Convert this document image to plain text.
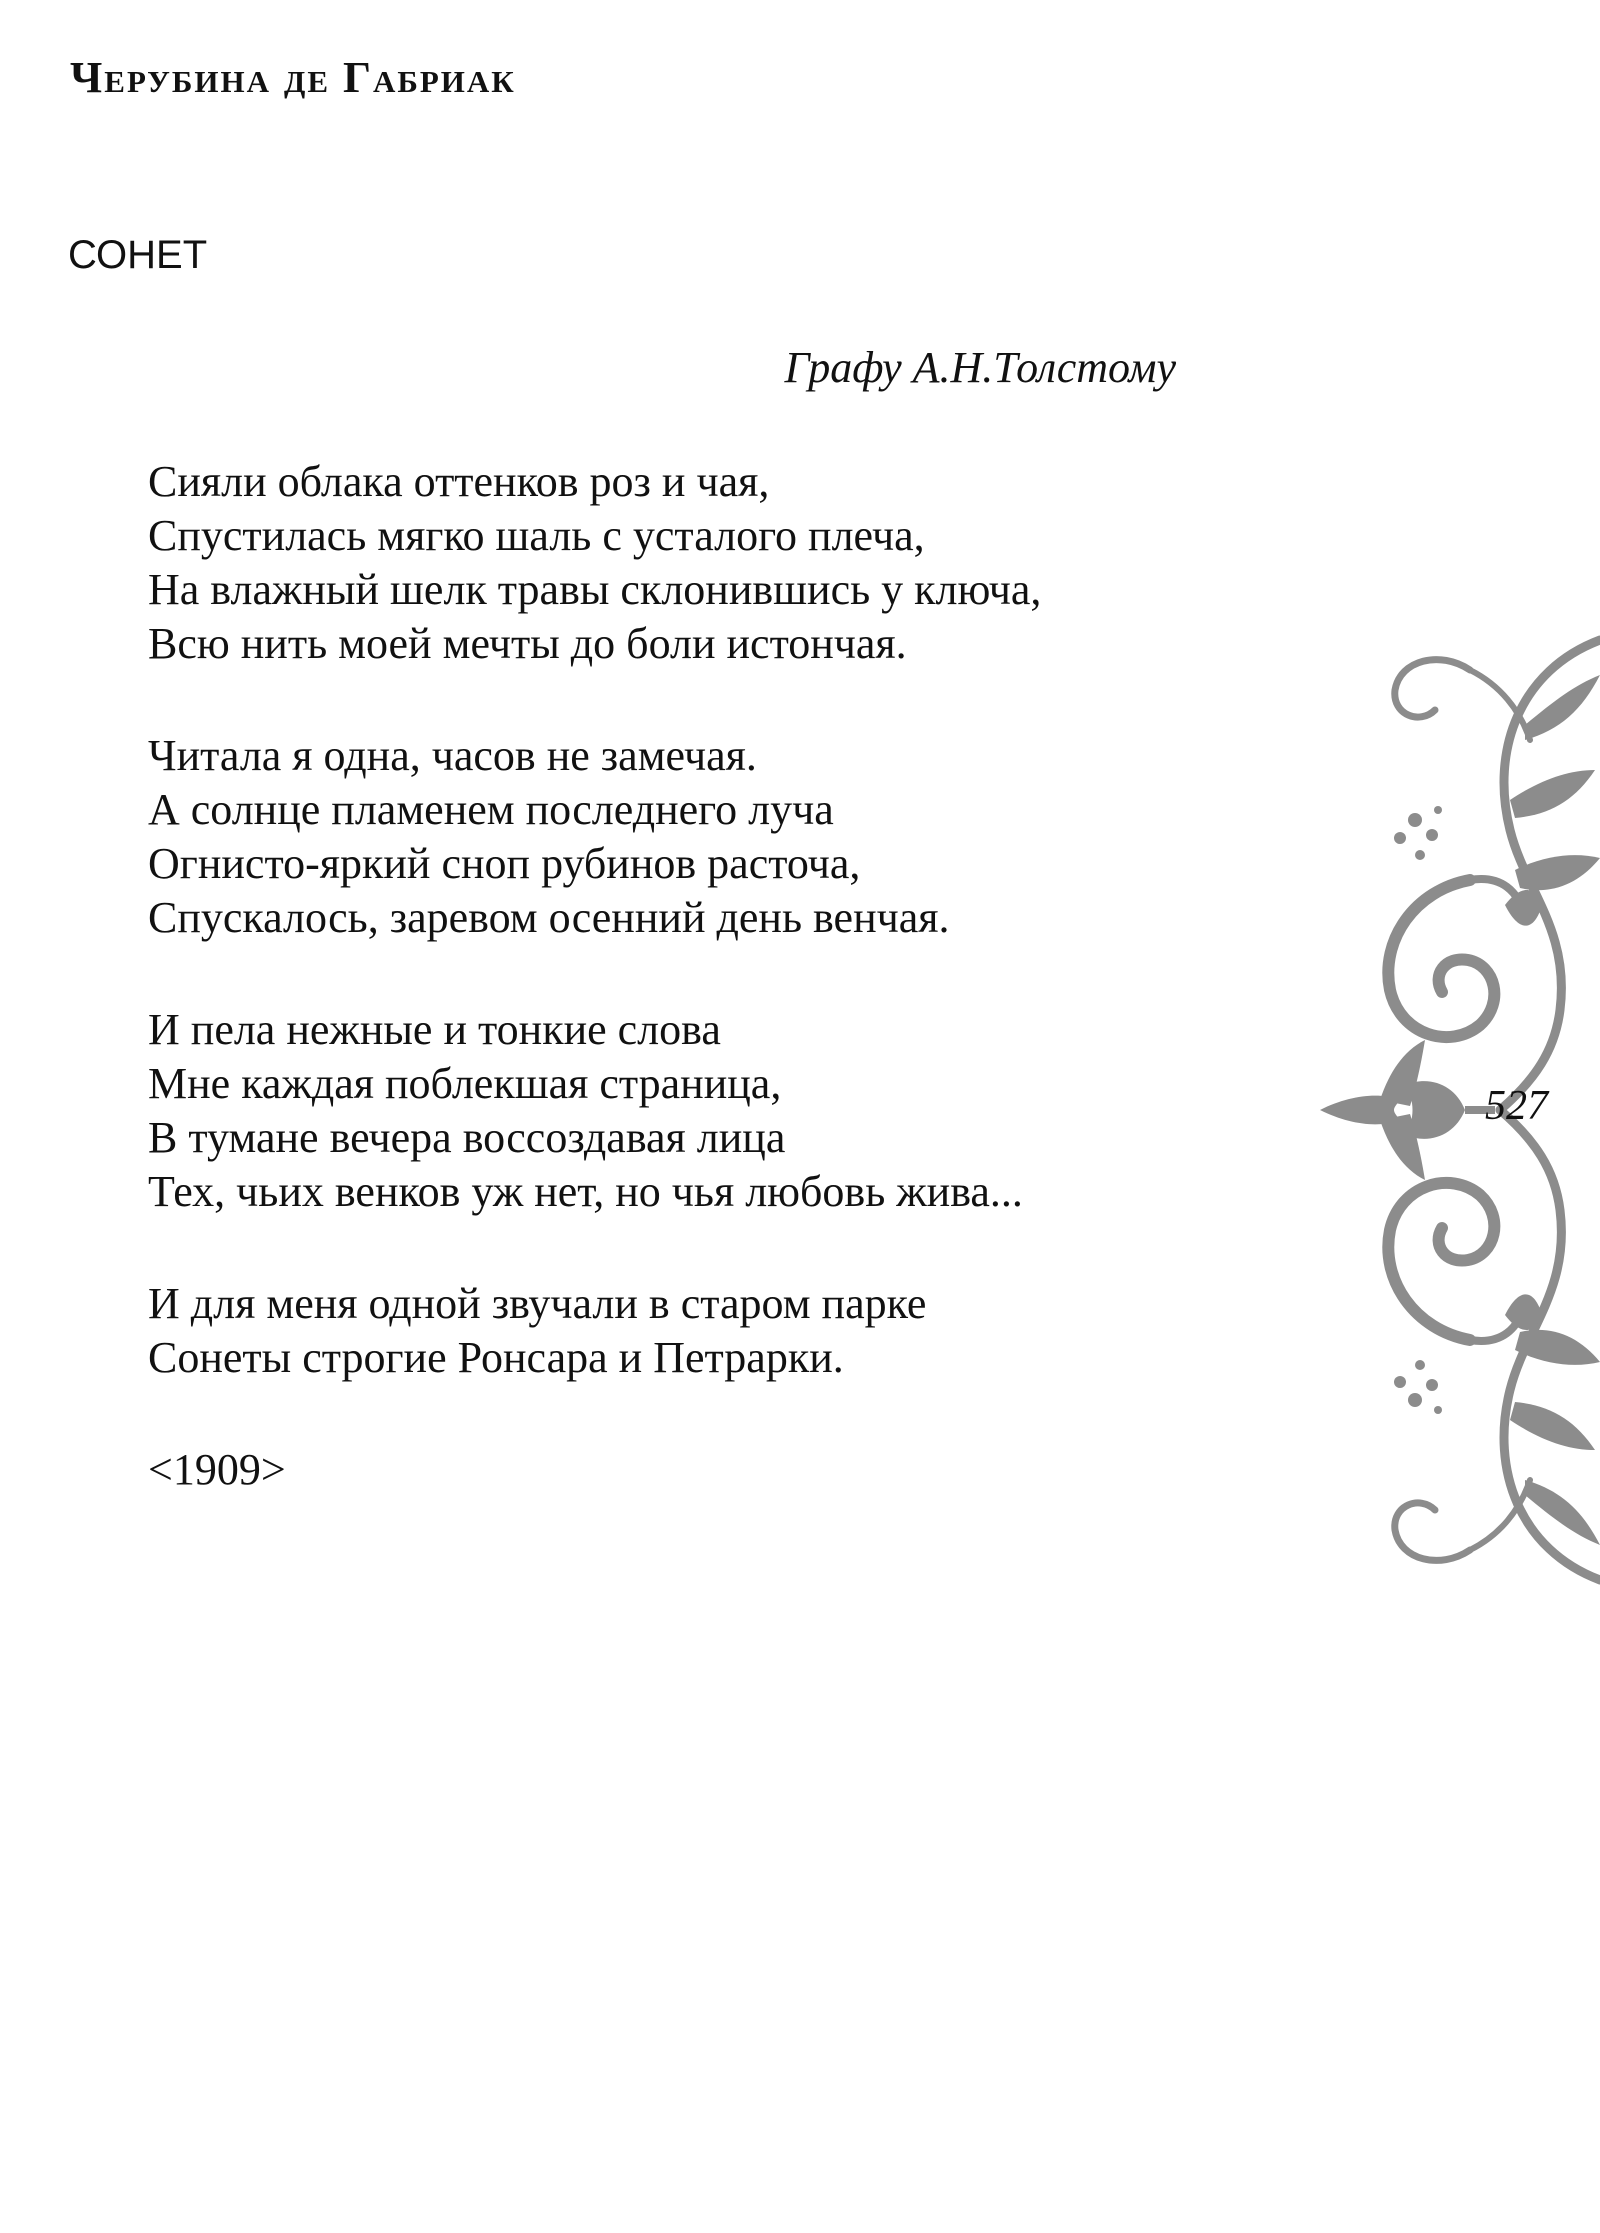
Черубина де Габриак
СОНЕТ

Графу А.Н.Толстому

Сияли облака оттенков роз и чая,
Спустилась мягко шаль с усталого плеча,
На влажный шелк травы склонившись у ключа,
Всю нить моей мечты до боли истончая.
Читала я одна, часов не замечая.
А солнце пламенем последнего луча
Огнисто-яркий сноп рубинов расточа,
Спускалось, заревом осенний день венчая.
И пела нежные и тонкие слова
Мне каждая поблекшая страница,
В тумане вечера воссоздавая лица
Тех, чьих венков уж нет, но чья любовь жива...
И для меня одной звучали в старом парке
Сонеты строгие Ронсара и Петрарки.
<1909>

527
